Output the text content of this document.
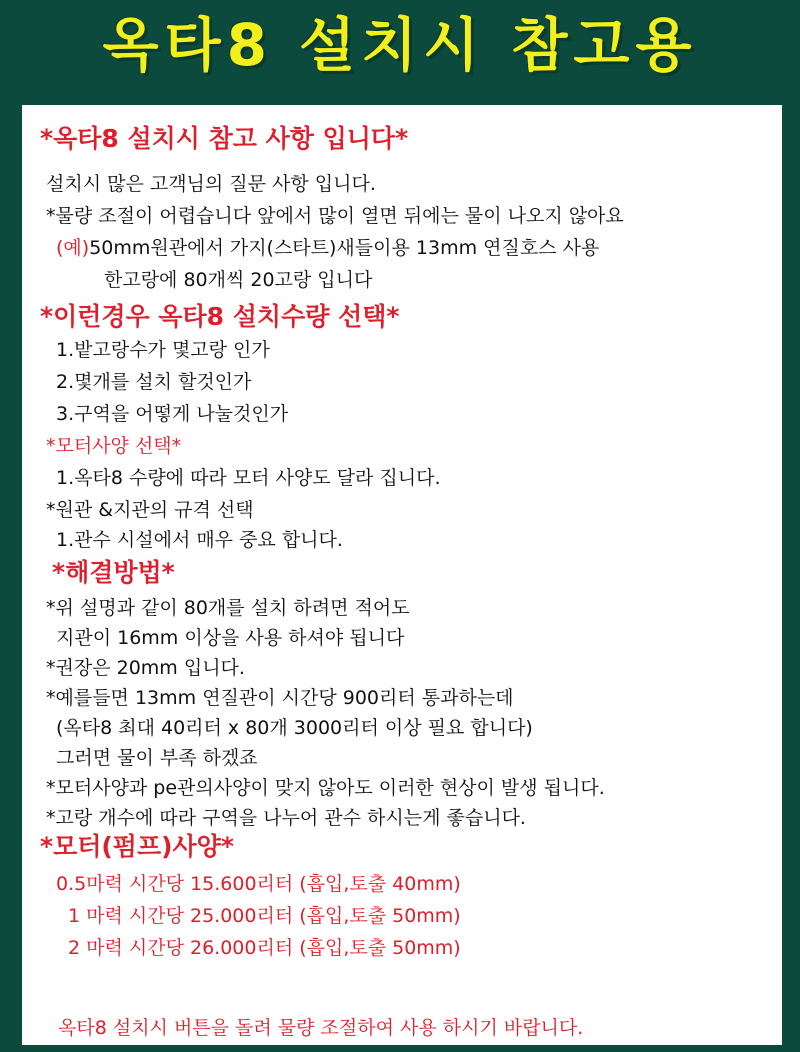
옥타8 설치시 참고용
*옥타8 설치시 참고 사항 입니다*
설치시 많은 고객님의 질문 사항 입니다.
*물량 조절이 어렵습니다 앞에서 많이 열면 뒤에는 물이 나오지 않아요
(예)50mm원관에서 가지(스타트)새들이용 13mm 연질호스 사용
한고랑에 80개씩 20고랑 입니다
*이런경우 옥타8 설치수량 선택*
1.밭고랑수가 몇고랑 인가
2.몇개를 설치 할것인가
3.구역을 어떻게 나눌것인가
*모터사양 선택*
1.옥타8 수량에 따라 모터 사양도 달라 집니다.
*원관 &지관의 규격 선택
1.관수 시설에서 매우 중요 합니다.
*해결방법*
*위 설명과 같이 80개를 설치 하려면 적어도
지관이 16mm 이상을 사용 하셔야 됩니다
*권장은 20mm 입니다.
*예를들면 13mm 연질관이 시간당 900리터 통과하는데
(옥타8 최대 40리터 x 80개 3000리터 이상 필요 합니다)
그러면 물이 부족 하겠죠
*모터사양과 pe관의사양이 맞지 않아도 이러한 현상이 발생 됩니다.
*고랑 개수에 따라 구역을 나누어 관수 하시는게 좋습니다.
*모터(펌프)사양*
0.5마력 시간당 15.600리터 (흡입,토출 40mm)
1 마력 시간당 25.000리터 (흡입,토출 50mm)
2 마력 시간당 26.000리터 (흡입,토출 50mm)
옥타8 설치시 버튼을 돌려 물량 조절하여 사용 하시기 바랍니다.
